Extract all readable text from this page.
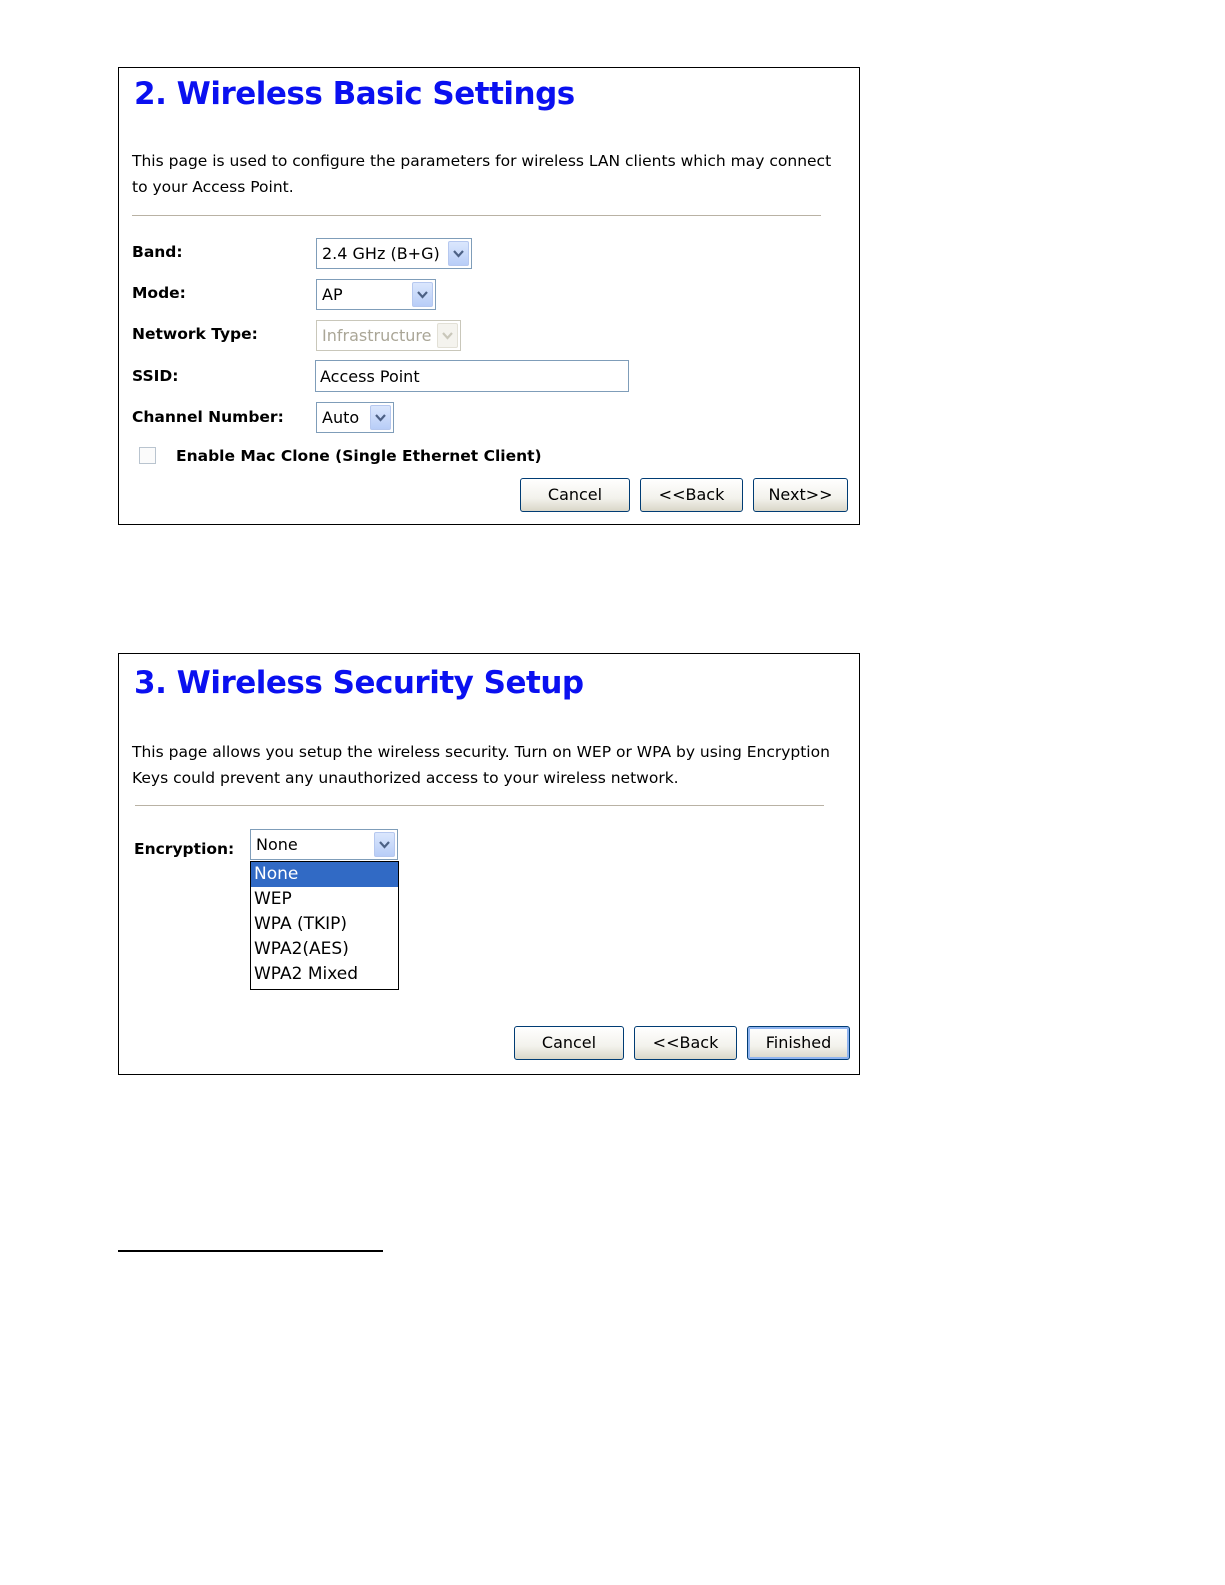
2. Wireless Basic Settings

This page is used to configure the parameters for wireless LAN clients which may connect to your Access Point.

Band:	2.4 GHz (B+G)
Mode:	AP
Network Type:	Infrastructure
SSID:	Access Point
Channel Number: Auto
Enable Mac Clone (Single Ethernet Client)
Cancel	<<Back	Next>>
3. Wireless Security Setup

This page allows you setup the wireless security. Turn on WEP or WPA by using Encryption Keys could prevent any unauthorized access to your wireless network.

Encryption: None
None
WEP
WPA (TKIP)
WPA2(AES)
WPA2 Mixed
Cancel	<<Back	Finished
